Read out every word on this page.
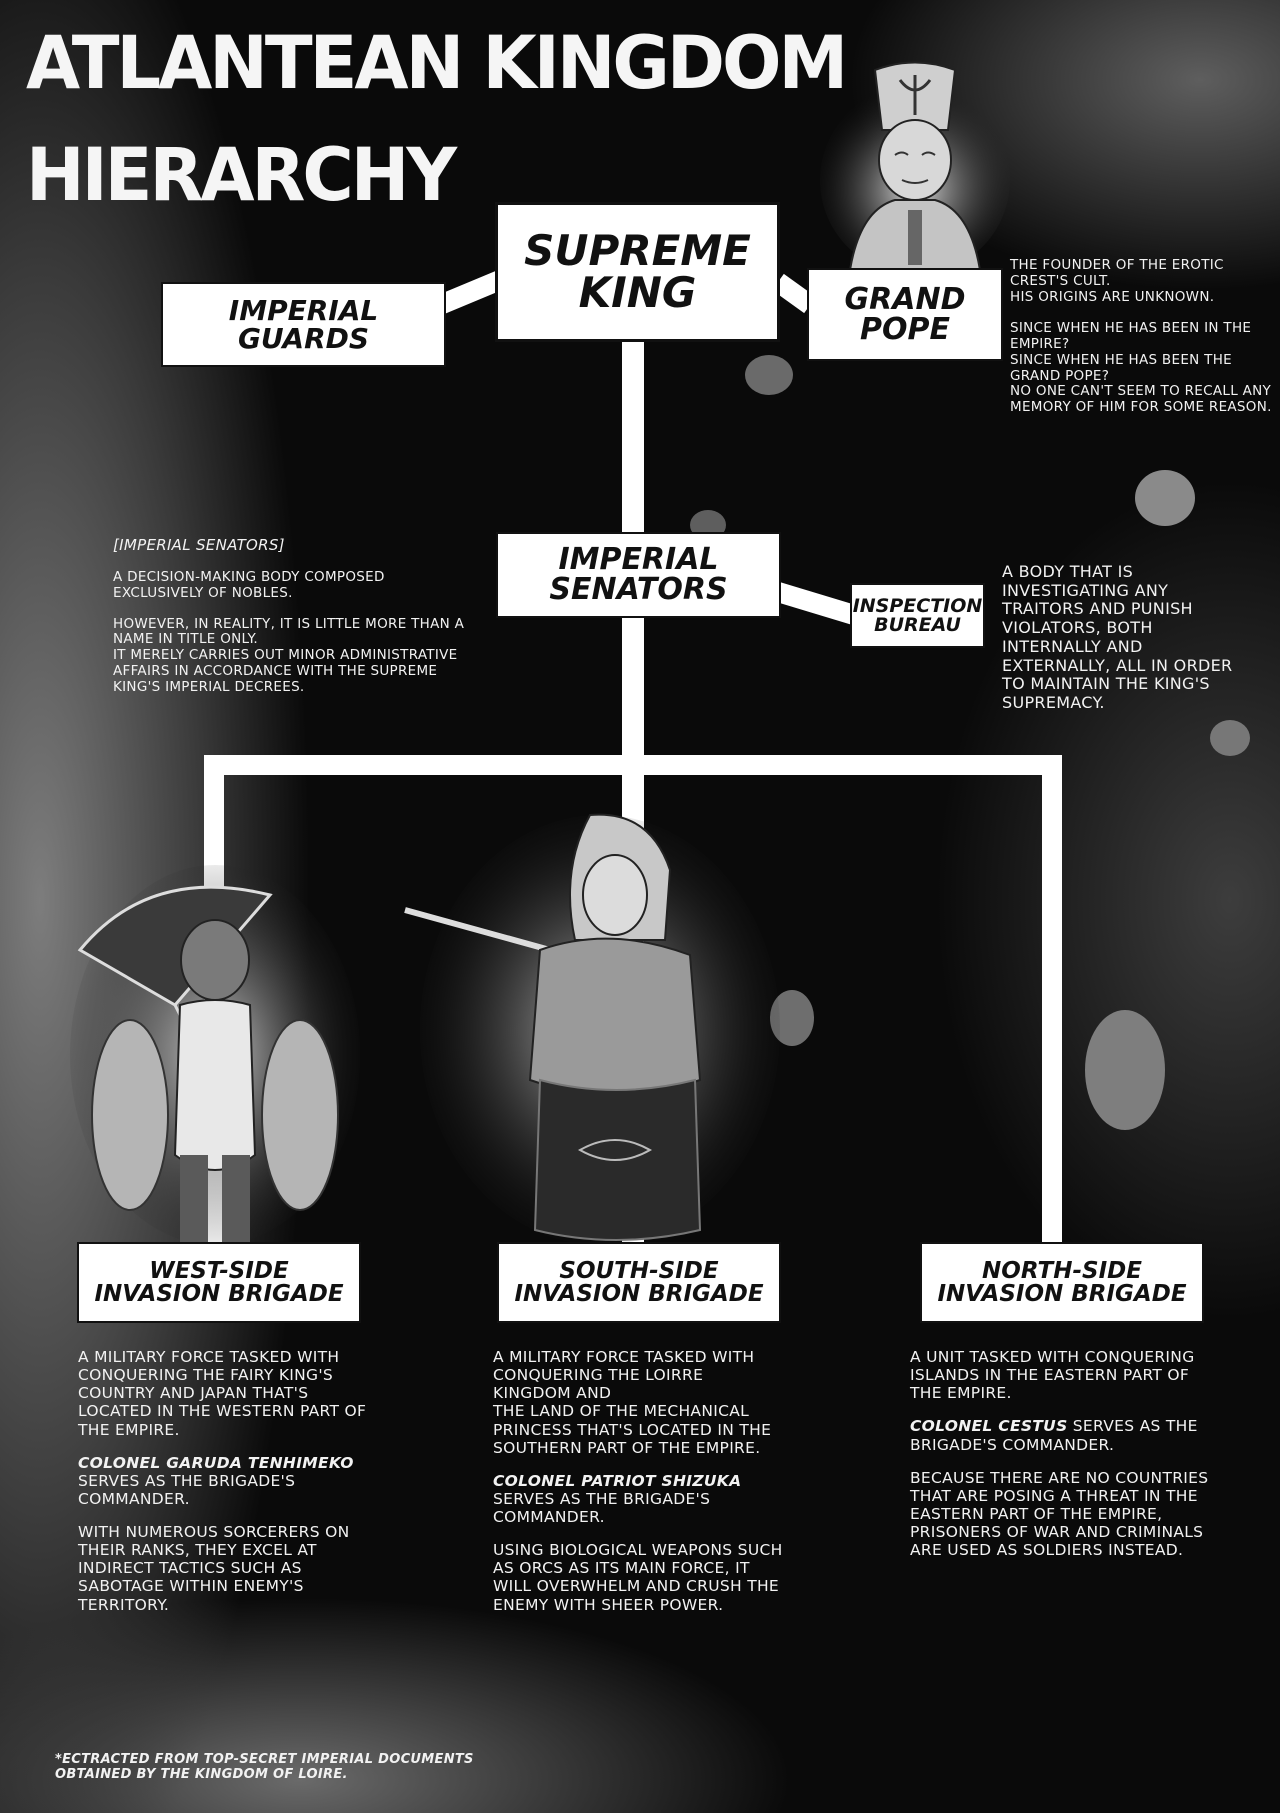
ATLANTEAN KINGDOM
HIERARCHY
SUPREME
KING
IMPERIAL
GUARDS
GRAND
POPE
IMPERIAL
SENATORS	INSPECTION
BUREAU
WEST-SIDE
INVASION BRIGADE
SOUTH-SIDE
INVASION BRIGADE
NORTH-SIDE
INVASION BRIGADE
THE FOUNDER OF THE EROTIC CREST'S CULT.
HIS ORIGINS ARE UNKNOWN.
SINCE WHEN HE HAS BEEN IN THE EMPIRE?
SINCE WHEN HE HAS BEEN THE GRAND POPE?
NO ONE CAN'T SEEM TO RECALL ANY MEMORY OF HIM FOR SOME REASON.

[IMPERIAL SENATORS]

A DECISION-MAKING BODY COMPOSED EXCLUSIVELY OF NOBLES.

HOWEVER, IN REALITY, IT IS LITTLE MORE THAN A NAME IN TITLE ONLY.
IT MERELY CARRIES OUT MINOR ADMINISTRATIVE AFFAIRS IN ACCORDANCE WITH THE SUPREME KING'S IMPERIAL DECREES.
A BODY THAT IS INVESTIGATING ANY TRAITORS AND PUNISH VIOLATORS, BOTH INTERNALLY AND EXTERNALLY, ALL IN ORDER TO MAINTAIN THE KING'S SUPREMACY.

A MILITARY FORCE TASKED WITH CONQUERING THE FAIRY KING'S COUNTRY AND JAPAN THAT'S LOCATED IN THE WESTERN PART OF THE EMPIRE.

COLONEL GARUDA TENHIMEKO SERVES AS THE BRIGADE'S COMMANDER.

WITH NUMEROUS SORCERERS ON THEIR RANKS, THEY EXCEL AT INDIRECT TACTICS SUCH AS SABOTAGE WITHIN ENEMY'S TERRITORY.

A MILITARY FORCE TASKED WITH CONQUERING THE LOIRRE KINGDOM AND

THE LAND OF THE MECHANICAL PRINCESS THAT'S LOCATED IN THE SOUTHERN PART OF THE EMPIRE.

COLONEL PATRIOT SHIZUKA SERVES AS THE BRIGADE'S COMMANDER.

USING BIOLOGICAL WEAPONS SUCH AS ORCS AS ITS MAIN FORCE, IT WILL OVERWHELM AND CRUSH THE ENEMY WITH SHEER POWER.

A UNIT TASKED WITH CONQUERING ISLANDS IN THE EASTERN PART OF THE EMPIRE.

COLONEL CESTUS SERVES AS THE BRIGADE'S COMMANDER.

BECAUSE THERE ARE NO COUNTRIES THAT ARE POSING A THREAT IN THE EASTERN PART OF THE EMPIRE, PRISONERS OF WAR AND CRIMINALS ARE USED AS SOLDIERS INSTEAD.

*ECTRACTED FROM TOP-SECRET IMPERIAL DOCUMENTS OBTAINED BY THE KINGDOM OF LOIRE.
